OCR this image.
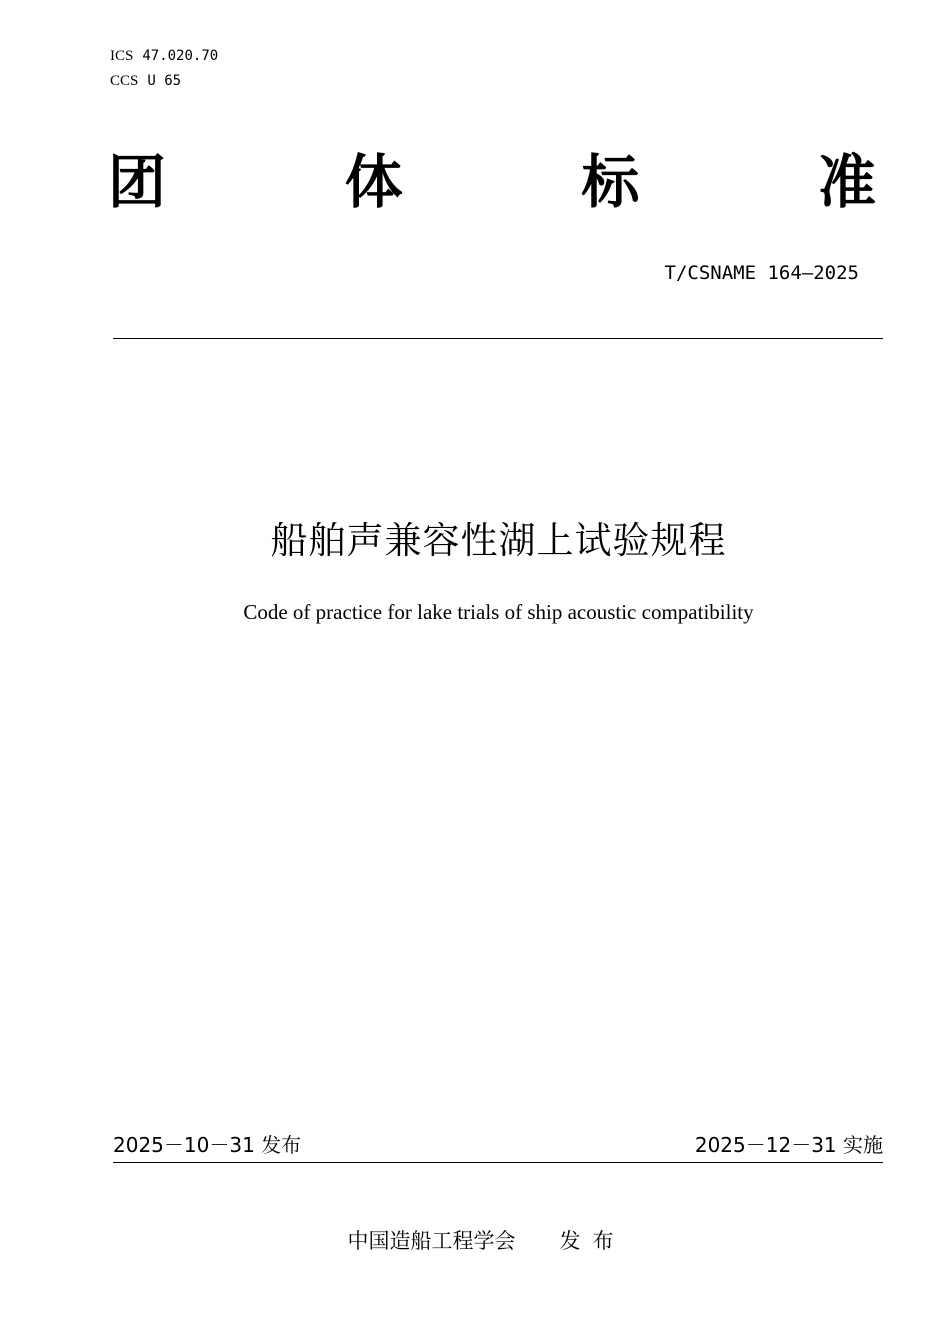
ICS 47.020.70
CCS U 65
团	体	标	准
T/CSNAME 164—2025
船舶声兼容性湖上试验规程
Code of practice for lake trials of ship acoustic compatibility
2025－10－31 发布	2025－12－31 实施
中国造船工程学会 发布
